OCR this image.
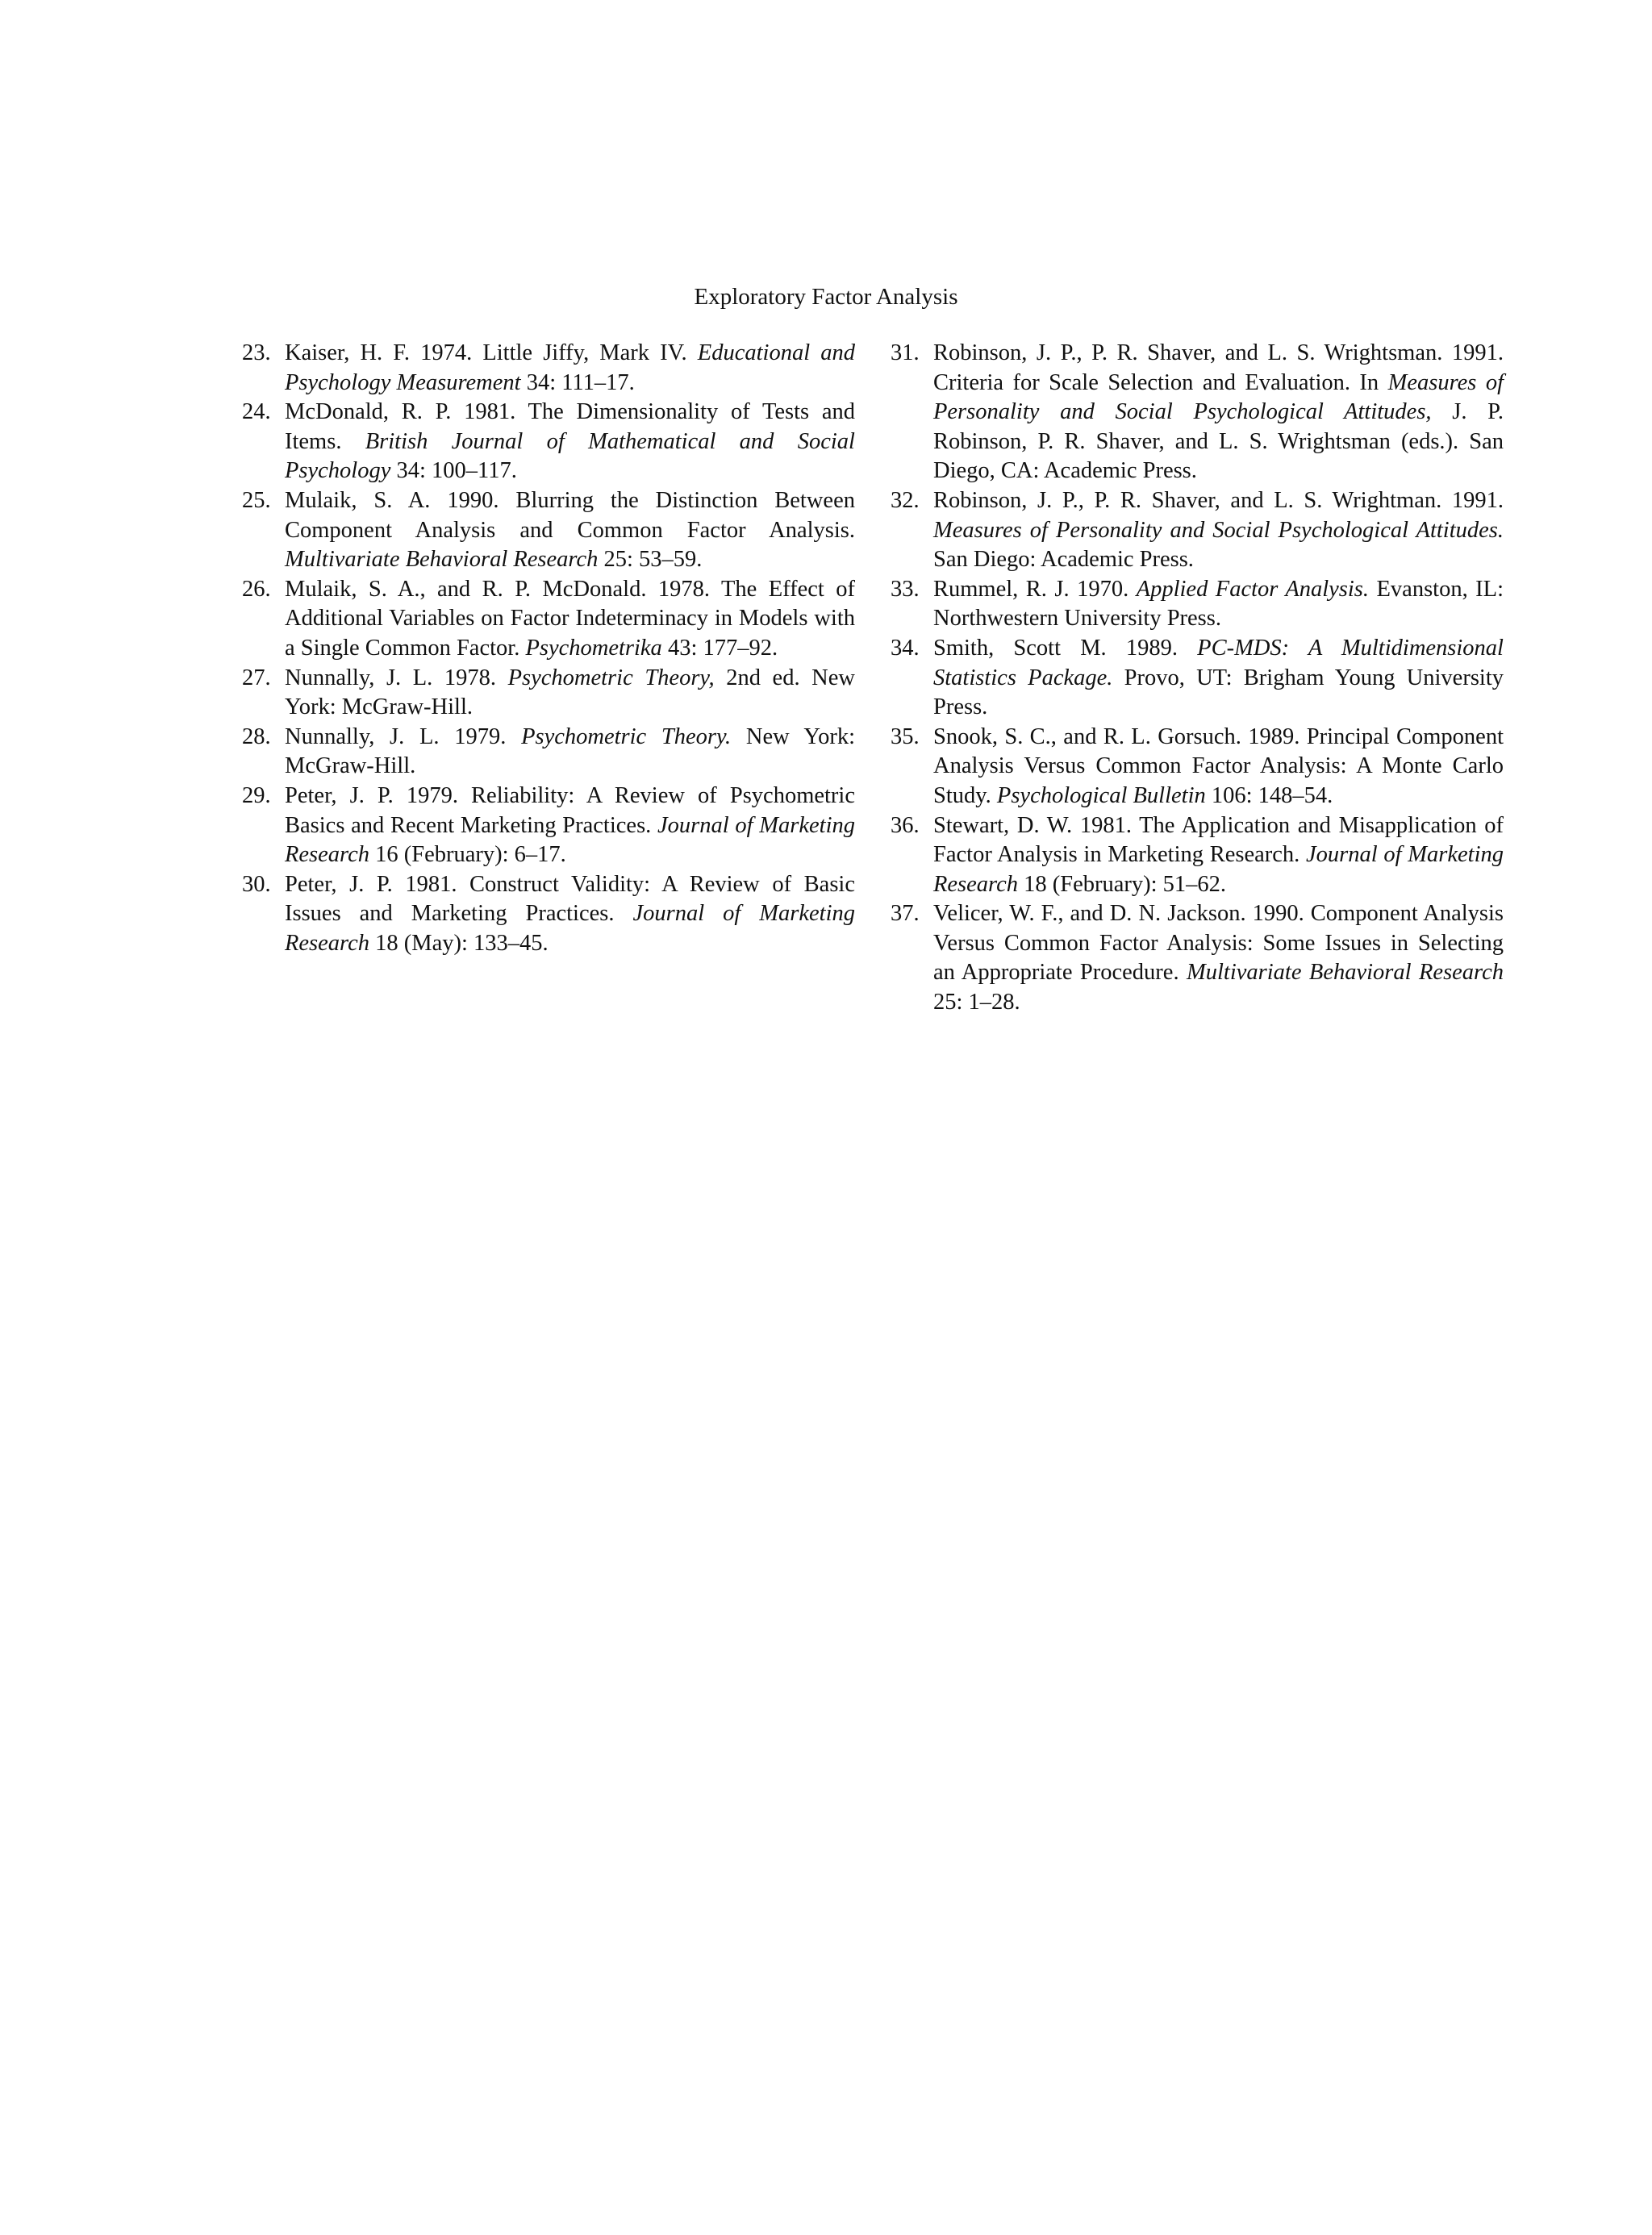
Exploratory Factor Analysis

23. Kaiser, H. F. 1974. Little Jiffy, Mark IV. Educational and Psychology Measurement 34: 111–17.

24. McDonald, R. P. 1981. The Dimensionality of Tests and Items. British Journal of Mathematical and Social Psychology 34: 100–117.

25. Mulaik, S. A. 1990. Blurring the Distinction Between Component Analysis and Common Factor Analysis. Multivariate Behavioral Research 25: 53–59.

26. Mulaik, S. A., and R. P. McDonald. 1978. The Effect of Additional Variables on Factor Indeterminacy in Models with a Single Common Factor. Psychometrika 43: 177–92.

27. Nunnally, J. L. 1978. Psychometric Theory, 2nd ed. New York: McGraw-Hill.

28. Nunnally, J. L. 1979. Psychometric Theory. New York: McGraw-Hill.

29. Peter, J. P. 1979. Reliability: A Review of Psychometric Basics and Recent Marketing Practices. Journal of Marketing Research 16 (February): 6–17.

30. Peter, J. P. 1981. Construct Validity: A Review of Basic Issues and Marketing Practices. Journal of Marketing Research 18 (May): 133–45.

31. Robinson, J. P., P. R. Shaver, and L. S. Wrightsman. 1991. Criteria for Scale Selection and Evaluation. In Measures of Personality and Social Psychological Attitudes, J. P. Robinson, P. R. Shaver, and L. S. Wrightsman (eds.). San Diego, CA: Academic Press.

32. Robinson, J. P., P. R. Shaver, and L. S. Wrightman. 1991. Measures of Personality and Social Psychological Attitudes. San Diego: Academic Press.

33. Rummel, R. J. 1970. Applied Factor Analysis. Evanston, IL: Northwestern University Press.

34. Smith, Scott M. 1989. PC-MDS: A Multidimensional Statistics Package. Provo, UT: Brigham Young University Press.

35. Snook, S. C., and R. L. Gorsuch. 1989. Principal Component Analysis Versus Common Factor Analysis: A Monte Carlo Study. Psychological Bulletin 106: 148–54.

36. Stewart, D. W. 1981. The Application and Misapplication of Factor Analysis in Marketing Research. Journal of Marketing Research 18 (February): 51–62.

37. Velicer, W. F., and D. N. Jackson. 1990. Component Analysis Versus Common Factor Analysis: Some Issues in Selecting an Appropriate Procedure. Multivariate Behavioral Research 25: 1–28.
